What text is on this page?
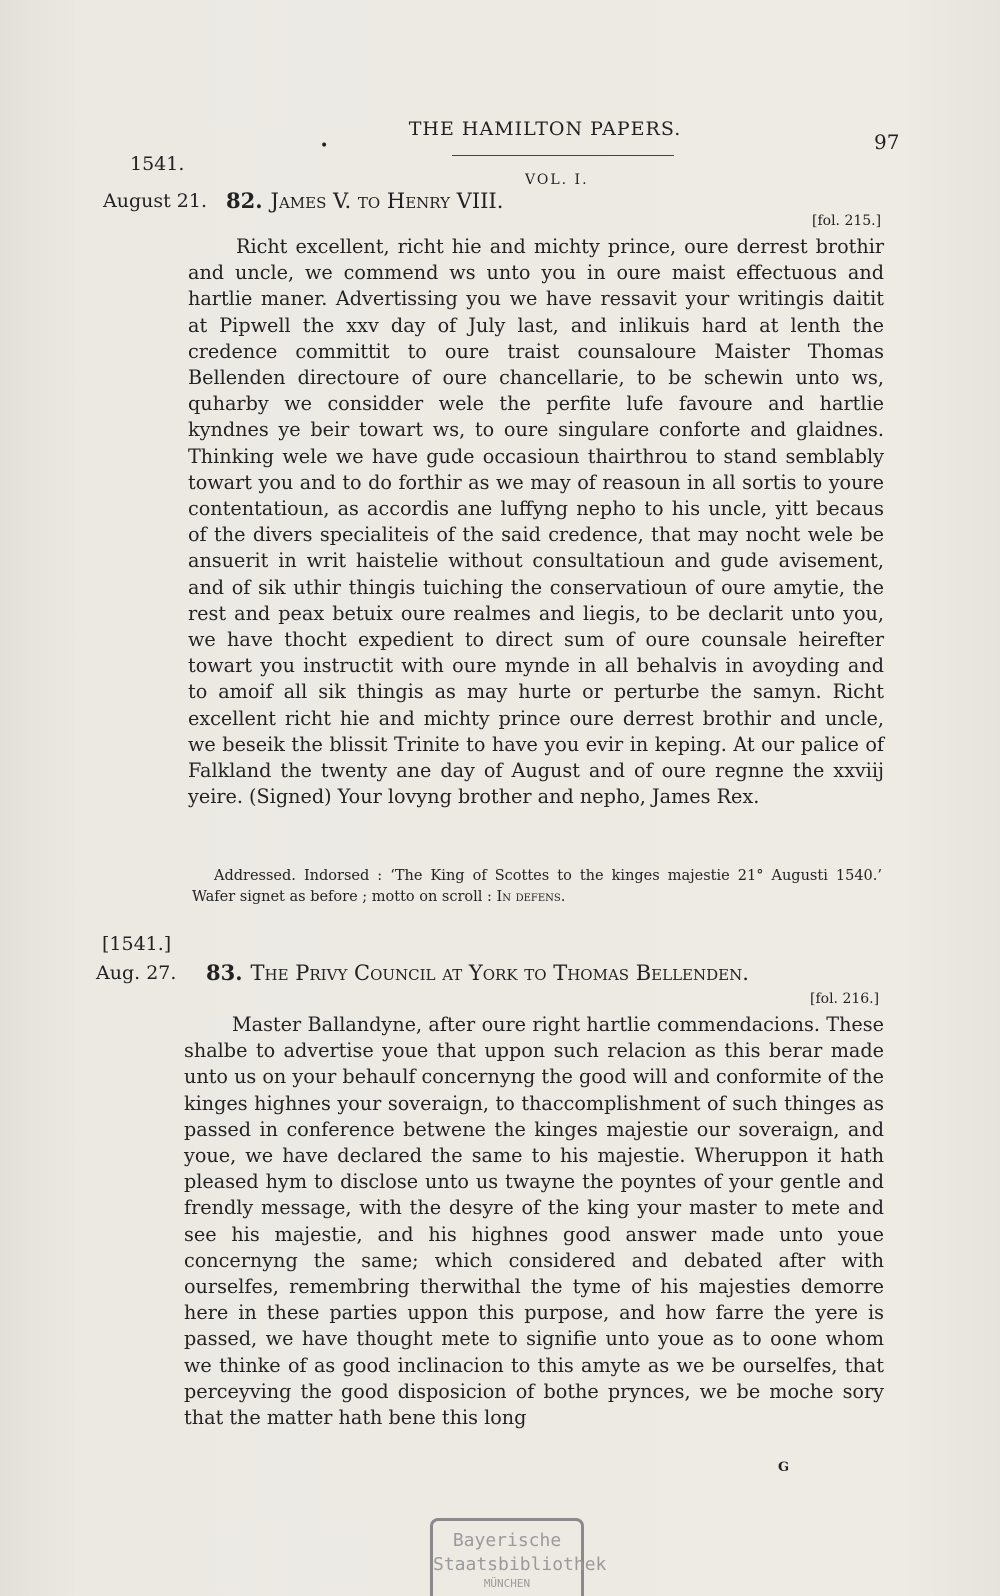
THE HAMILTON PAPERS.
•	97
VOL. I.
1541.
August 21. 82. James V. to Henry VIII.
[fol. 215.]

Richt excellent, richt hie and michty prince, oure derrest brothir and uncle, we commend ws unto you in oure maist effectuous and hartlie maner. Advertissing you we have ressavit your writingis daitit at Pipwell the xxv day of July last, and inlikuis hard at lenth the credence committit to oure traist counsaloure Maister Thomas Bellenden directoure of oure chancellarie, to be schewin unto ws, quharby we considder wele the perfite lufe favoure and hartlie kyndnes ye beir towart ws, to oure singulare conforte and glaidnes. Thinking wele we have gude occasioun thairthrou to stand semblably towart you and to do forthir as we may of reasoun in all sortis to youre contentatioun, as accordis ane luffyng nepho to his uncle, yitt becaus of the divers specialiteis of the said credence, that may nocht wele be ansuerit in writ haistelie without consultatioun and gude avisement, and of sik uthir thingis tuiching the conservatioun of oure amytie, the rest and peax betuix oure realmes and liegis, to be declarit unto you, we have thocht expedient to direct sum of oure counsale heirefter towart you instructit with oure mynde in all behalvis in avoyding and to amoif all sik thingis as may hurte or perturbe the samyn. Richt excellent richt hie and michty prince oure derrest brothir and uncle, we beseik the blissit Trinite to have you evir in keping. At our palice of Falkland the twenty ane day of August and of oure regnne the xxviij yeire. (Signed) Your lovyng brother and nepho, James Rex.

Addressed. Indorsed : ‘The King of Scottes to the kinges majestie 21° Augusti 1540.’ Wafer signet as before ; motto on scroll : In defens.

[1541.]
Aug. 27. 83. The Privy Council at York to Thomas Bellenden.
[fol. 216.]

Master Ballandyne, after oure right hartlie commendacions. These shalbe to advertise youe that uppon such relacion as this berar made unto us on your behaulf concernyng the good will and conformite of the kinges highnes your soveraign, to thaccomplishment of such thinges as passed in conference betwene the kinges majestie our soveraign, and youe, we have declared the same to his majestie. Wheruppon it hath pleased hym to disclose unto us twayne the poyntes of your gentle and frendly message, with the desyre of the king your master to mete and see his majestie, and his highnes good answer made unto youe concernyng the same; which considered and debated after with ourselfes, remembring therwithal the tyme of his majesties demorre here in these parties uppon this purpose, and how farre the yere is passed, we have thought mete to signifie unto youe as to oone whom we thinke of as good inclinacion to this amyte as we be ourselfes, that perceyving the good disposicion of bothe prynces, we be moche sory that the matter hath bene this long

G
Bayerische
Staatsbibliothek
MÜNCHEN
